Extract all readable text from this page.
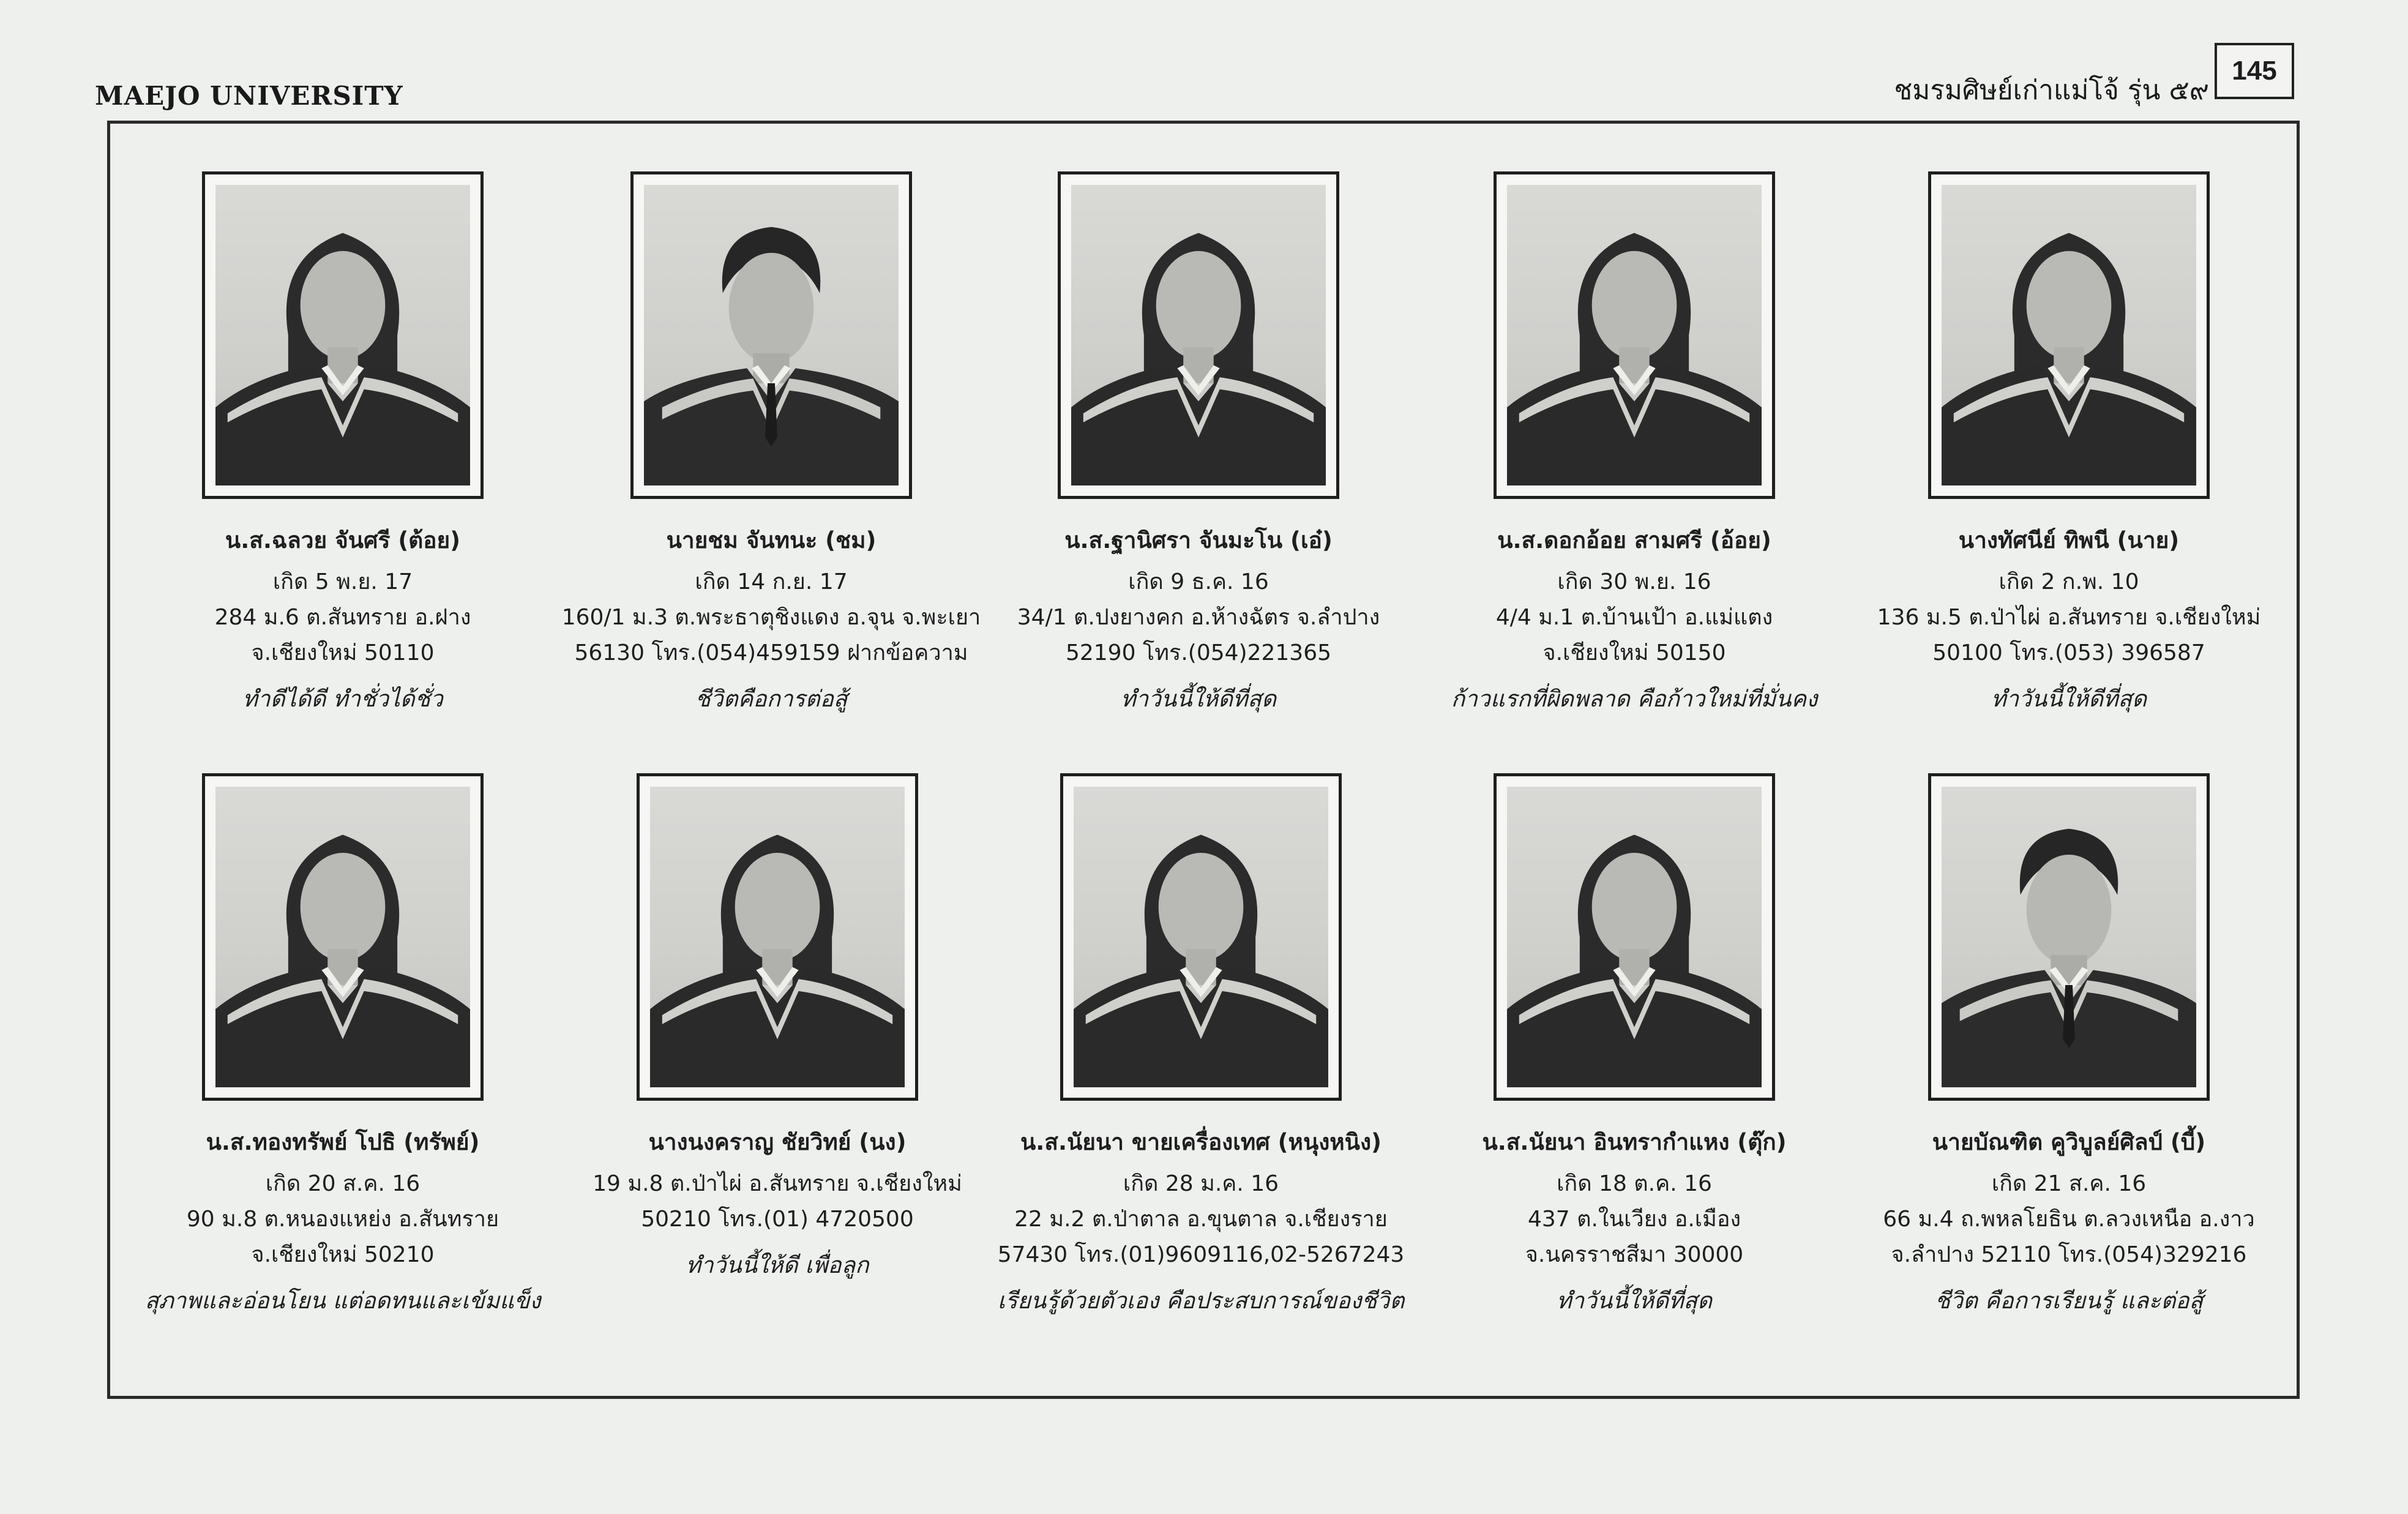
MAEJO UNIVERSITY	ชมรมศิษย์เก่าแม่โจ้ รุ่น ๕๙
145
น.ส.ฉลวย จันศรี (ต้อย)
เกิด 5 พ.ย. 17
284 ม.6 ต.สันทราย อ.ฝาง
จ.เชียงใหม่ 50110
ทำดีได้ดี ทำชั่วได้ชั่ว
นายชม จันทนะ (ชม)
เกิด 14 ก.ย. 17
160/1 ม.3 ต.พระธาตุชิงแดง อ.จุน จ.พะเยา
56130 โทร.(054)459159 ฝากข้อความ
ชีวิตคือการต่อสู้
น.ส.ฐานิศรา จันมะโน (เอ๋)
เกิด 9 ธ.ค. 16
34/1 ต.ปงยางคก อ.ห้างฉัตร จ.ลำปาง
52190 โทร.(054)221365
ทำวันนี้ให้ดีที่สุด
น.ส.ดอกอ้อย สามศรี (อ้อย)
เกิด 30 พ.ย. 16
4/4 ม.1 ต.บ้านเป้า อ.แม่แตง
จ.เชียงใหม่ 50150
ก้าวแรกที่ผิดพลาด คือก้าวใหม่ที่มั่นคง
นางทัศนีย์ ทิพนี (นาย)
เกิด 2 ก.พ. 10
136 ม.5 ต.ป่าไผ่ อ.สันทราย จ.เชียงใหม่
50100 โทร.(053) 396587
ทำวันนี้ให้ดีที่สุด
น.ส.ทองทรัพย์ โปธิ (ทรัพย์)
เกิด 20 ส.ค. 16
90 ม.8 ต.หนองแหย่ง อ.สันทราย
จ.เชียงใหม่ 50210
สุภาพและอ่อนโยน แต่อดทนและเข้มแข็ง
นางนงคราญ ชัยวิทย์ (นง)
19 ม.8 ต.ป่าไผ่ อ.สันทราย จ.เชียงใหม่
50210 โทร.(01) 4720500
ทำวันนี้ให้ดี เพื่อลูก
น.ส.นัยนา ขายเครื่องเทศ (หนุงหนิง)
เกิด 28 ม.ค. 16
22 ม.2 ต.ป่าตาล อ.ขุนตาล จ.เชียงราย
57430 โทร.(01)9609116,02-5267243
เรียนรู้ด้วยตัวเอง คือประสบการณ์ของชีวิต
น.ส.นัยนา อินทรากำแหง (ตุ๊ก)
เกิด 18 ต.ค. 16
437 ต.ในเวียง อ.เมือง
จ.นครราชสีมา 30000
ทำวันนี้ให้ดีที่สุด
นายบัณฑิต คูวิบูลย์ศิลป์ (บี้)
เกิด 21 ส.ค. 16
66 ม.4 ถ.พหลโยธิน ต.ลวงเหนือ อ.งาว
จ.ลำปาง 52110 โทร.(054)329216
ชีวิต คือการเรียนรู้ และต่อสู้
